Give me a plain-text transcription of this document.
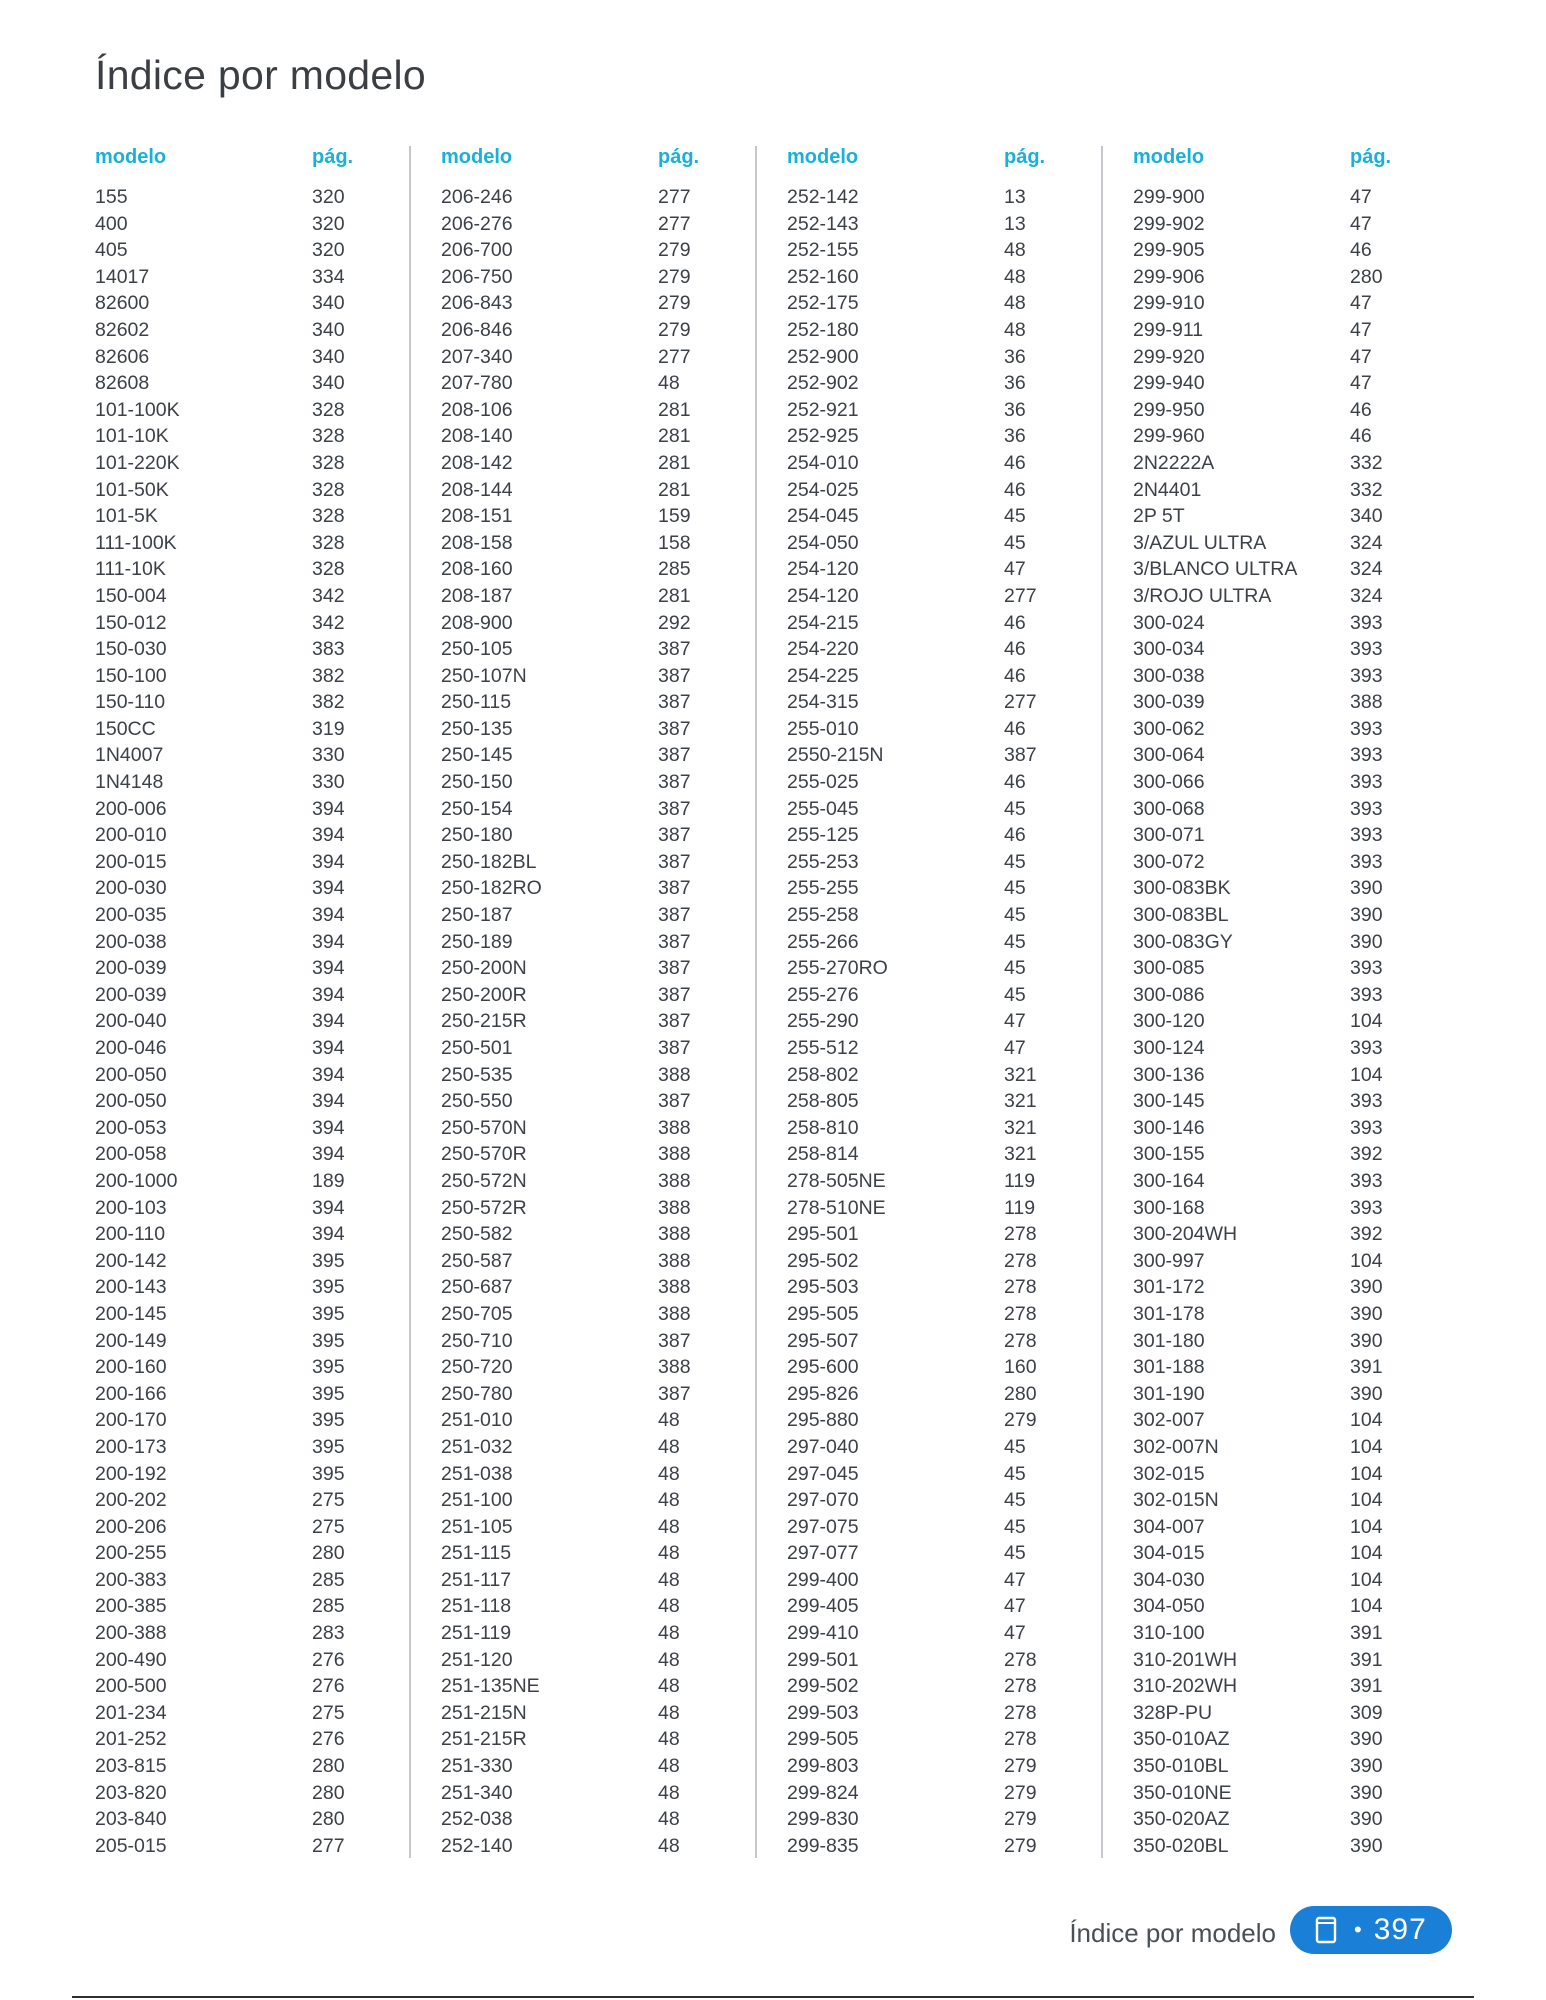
Índice por modelo
modelo	pág.
155	320
400	320
405	320
14017	334
82600	340
82602	340
82606	340
82608	340
101-100K	328
101-10K	328
101-220K	328
101-50K	328
101-5K	328
111-100K	328
111-10K	328
150-004	342
150-012	342
150-030	383
150-100	382
150-110	382
150CC	319
1N4007	330
1N4148	330
200-006	394
200-010	394
200-015	394
200-030	394
200-035	394
200-038	394
200-039	394
200-039	394
200-040	394
200-046	394
200-050	394
200-050	394
200-053	394
200-058	394
200-1000	189
200-103	394
200-110	394
200-142	395
200-143	395
200-145	395
200-149	395
200-160	395
200-166	395
200-170	395
200-173	395
200-192	395
200-202	275
200-206	275
200-255	280
200-383	285
200-385	285
200-388	283
200-490	276
200-500	276
201-234	275
201-252	276
203-815	280
203-820	280
203-840	280
205-015	277
modelo	pág.
206-246	277
206-276	277
206-700	279
206-750	279
206-843	279
206-846	279
207-340	277
207-780	48
208-106	281
208-140	281
208-142	281
208-144	281
208-151	159
208-158	158
208-160	285
208-187	281
208-900	292
250-105	387
250-107N	387
250-115	387
250-135	387
250-145	387
250-150	387
250-154	387
250-180	387
250-182BL	387
250-182RO	387
250-187	387
250-189	387
250-200N	387
250-200R	387
250-215R	387
250-501	387
250-535	388
250-550	387
250-570N	388
250-570R	388
250-572N	388
250-572R	388
250-582	388
250-587	388
250-687	388
250-705	388
250-710	387
250-720	388
250-780	387
251-010	48
251-032	48
251-038	48
251-100	48
251-105	48
251-115	48
251-117	48
251-118	48
251-119	48
251-120	48
251-135NE	48
251-215N	48
251-215R	48
251-330	48
251-340	48
252-038	48
252-140	48
modelo	pág.
252-142	13
252-143	13
252-155	48
252-160	48
252-175	48
252-180	48
252-900	36
252-902	36
252-921	36
252-925	36
254-010	46
254-025	46
254-045	45
254-050	45
254-120	47
254-120	277
254-215	46
254-220	46
254-225	46
254-315	277
255-010	46
2550-215N	387
255-025	46
255-045	45
255-125	46
255-253	45
255-255	45
255-258	45
255-266	45
255-270RO	45
255-276	45
255-290	47
255-512	47
258-802	321
258-805	321
258-810	321
258-814	321
278-505NE	119
278-510NE	119
295-501	278
295-502	278
295-503	278
295-505	278
295-507	278
295-600	160
295-826	280
295-880	279
297-040	45
297-045	45
297-070	45
297-075	45
297-077	45
299-400	47
299-405	47
299-410	47
299-501	278
299-502	278
299-503	278
299-505	278
299-803	279
299-824	279
299-830	279
299-835	279
modelo	pág.
299-900	47
299-902	47
299-905	46
299-906	280
299-910	47
299-911	47
299-920	47
299-940	47
299-950	46
299-960	46
2N2222A	332
2N4401	332
2P 5T	340
3/AZUL ULTRA	324
3/BLANCO ULTRA	324
3/ROJO ULTRA	324
300-024	393
300-034	393
300-038	393
300-039	388
300-062	393
300-064	393
300-066	393
300-068	393
300-071	393
300-072	393
300-083BK	390
300-083BL	390
300-083GY	390
300-085	393
300-086	393
300-120	104
300-124	393
300-136	104
300-145	393
300-146	393
300-155	392
300-164	393
300-168	393
300-204WH	392
300-997	104
301-172	390
301-178	390
301-180	390
301-188	391
301-190	390
302-007	104
302-007N	104
302-015	104
302-015N	104
304-007	104
304-015	104
304-030	104
304-050	104
310-100	391
310-201WH	391
310-202WH	391
328P-PU	309
350-010AZ	390
350-010BL	390
350-010NE	390
350-020AZ	390
350-020BL	390
Índice por modelo	• 397
